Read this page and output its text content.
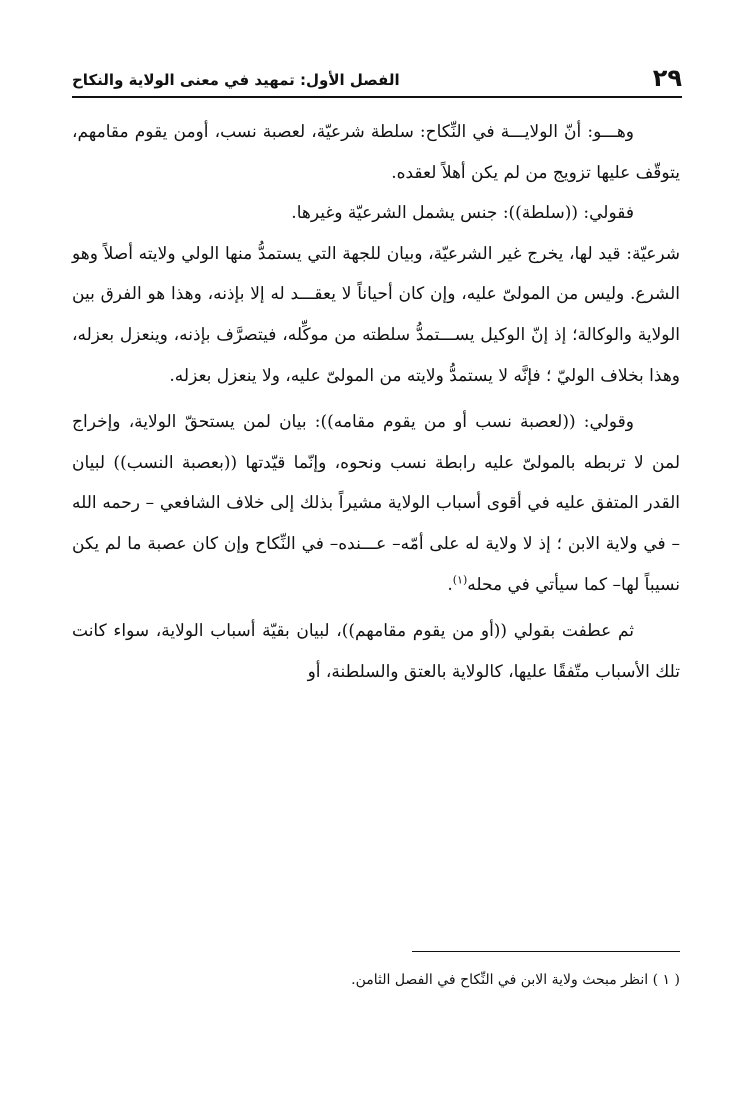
٢٩
الفصل الأول: تمهيد في معنى الولاية والنكاح

وهـــو: أنّ الولايـــة في النِّكاح: سلطة شرعيّة، لعصبة نسب، أومن يقوم مقامهم، يتوقّف عليها تزويج من لم يكن أهلاً لعقده.

فقولي: ((سلطة)): جنس يشمل الشرعيّة وغيرها.

شرعيّة: قيد لها، يخرج غير الشرعيّة، وبيان للجهة التي يستمدُّ منها الولي ولايته أصلاً وهو الشرع. وليس من المولىّ عليه، وإن كان أحياناً لا يعقـــد له إلا بإذنه، وهذا هو الفرق بين الولاية والوكالة؛ إذ إنّ الوكيل يســـتمدُّ سلطته من موكِّله، فيتصرَّف بإذنه، وينعزل بعزله، وهذا بخلاف الوليّ ؛ فإنَّه لا يستمدُّ ولايته من المولىّ عليه، ولا ينعزل بعزله.

وقولي: ((لعصبة نسب أو من يقوم مقامه)): بيان لمن يستحقّ الولاية، وإخراج لمن لا تربطه بالمولىّ عليه رابطة نسب ونحوه، وإنّما قيّدتها ((بعصبة النسب)) لبيان القدر المتفق عليه في أقوى أسباب الولاية مشيراً بذلك إلى خلاف الشافعي – رحمه الله – في ولاية الابن ؛ إذ لا ولاية له على أمّه– عـــنده– في النِّكاح وإن كان عصبة ما لم يكن نسيباً لها– كما سيأتي في محله$^{(١)}$.

ثم عطفت بقولي ((أو من يقوم مقامهم))، لبيان بقيّة أسباب الولاية، سواء كانت تلك الأسباب متّفقًا عليها، كالولاية بالعتق والسلطنة، أو

( ١ ) انظر مبحث ولاية الابن في النِّكاح في الفصل الثامن.
